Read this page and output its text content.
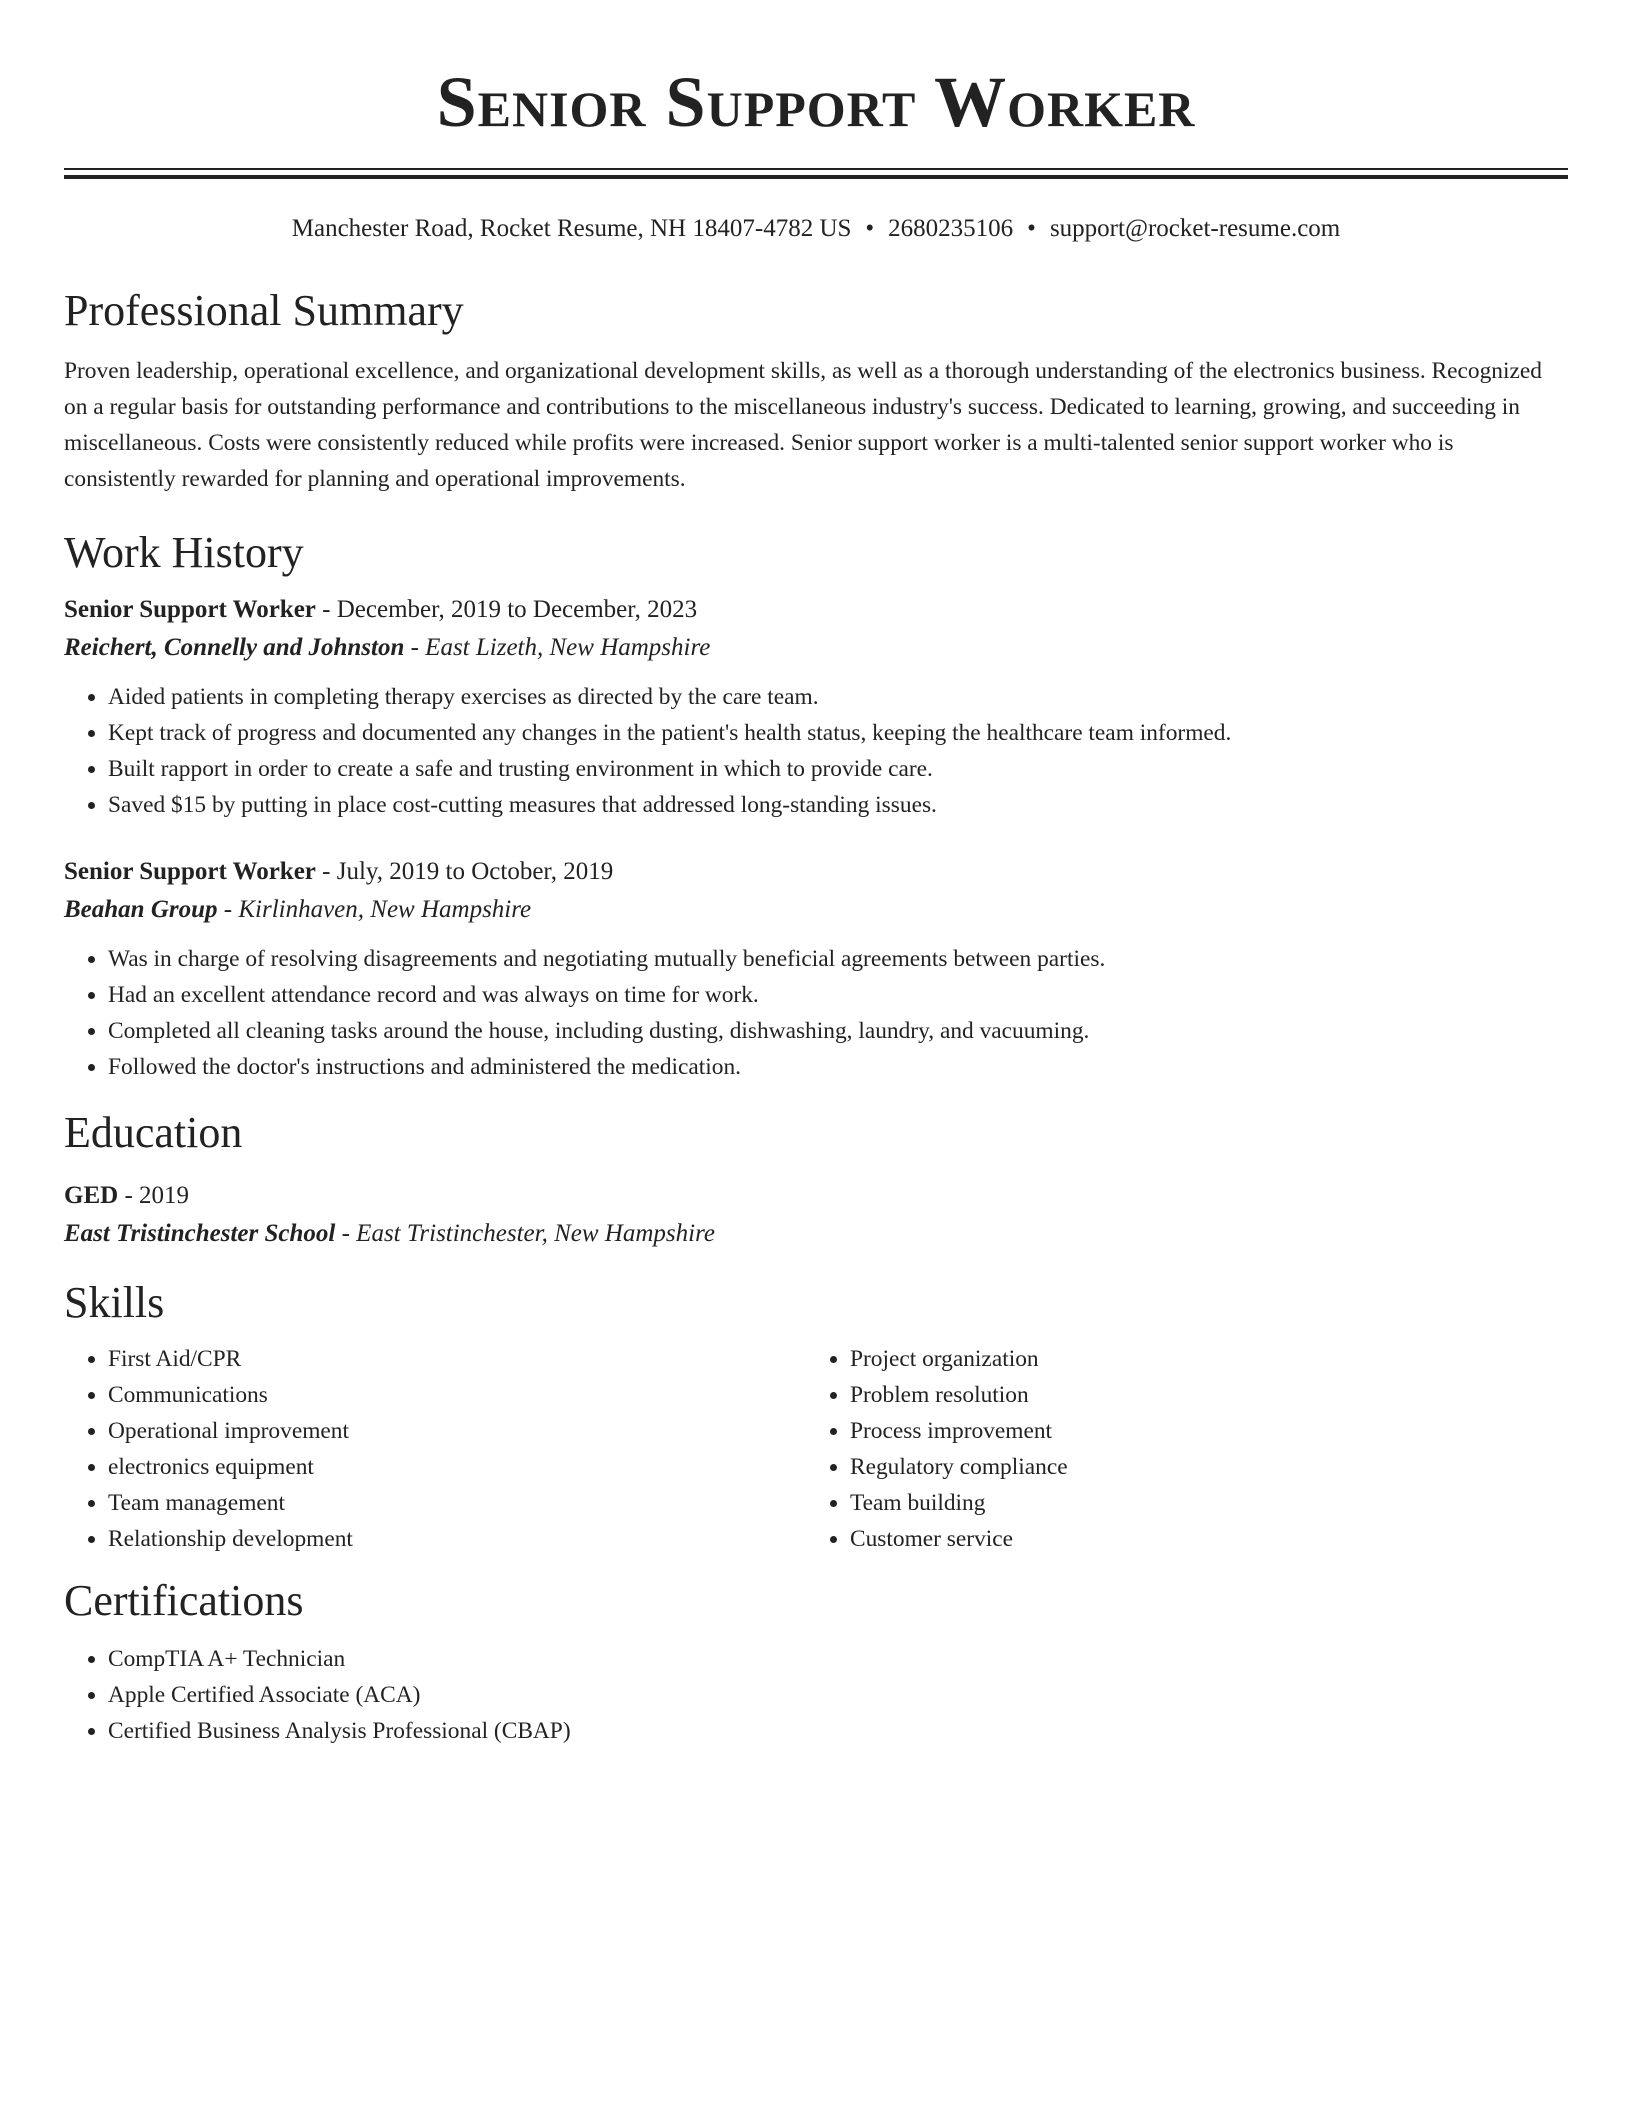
Senior Support Worker
Manchester Road, Rocket Resume, NH 18407-4782 US • 2680235106 • support@rocket-resume.com
Professional Summary

Proven leadership, operational excellence, and organizational development skills, as well as a thorough understanding of the electronics business. Recognized on a regular basis for outstanding performance and contributions to the miscellaneous industry's success. Dedicated to learning, growing, and succeeding in miscellaneous. Costs were consistently reduced while profits were increased. Senior support worker is a multi-talented senior support worker who is consistently rewarded for planning and operational improvements.

Work History
Senior Support Worker - December, 2019 to December, 2023
Reichert, Connelly and Johnston - East Lizeth, New Hampshire
• Aided patients in completing therapy exercises as directed by the care team.
• Kept track of progress and documented any changes in the patient's health status, keeping the healthcare team informed.
• Built rapport in order to create a safe and trusting environment in which to provide care.
• Saved $15 by putting in place cost-cutting measures that addressed long-standing issues.
Senior Support Worker - July, 2019 to October, 2019
Beahan Group - Kirlinhaven, New Hampshire
• Was in charge of resolving disagreements and negotiating mutually beneficial agreements between parties.
• Had an excellent attendance record and was always on time for work.
• Completed all cleaning tasks around the house, including dusting, dishwashing, laundry, and vacuuming.
• Followed the doctor's instructions and administered the medication.
Education
GED - 2019
East Tristinchester School - East Tristinchester, New Hampshire
Skills
• First Aid/CPR
• Communications
• Operational improvement
• electronics equipment
• Team management
• Relationship development
• Project organization
• Problem resolution
• Process improvement
• Regulatory compliance
• Team building
• Customer service
Certifications
• CompTIA A+ Technician
• Apple Certified Associate (ACA)
• Certified Business Analysis Professional (CBAP)
